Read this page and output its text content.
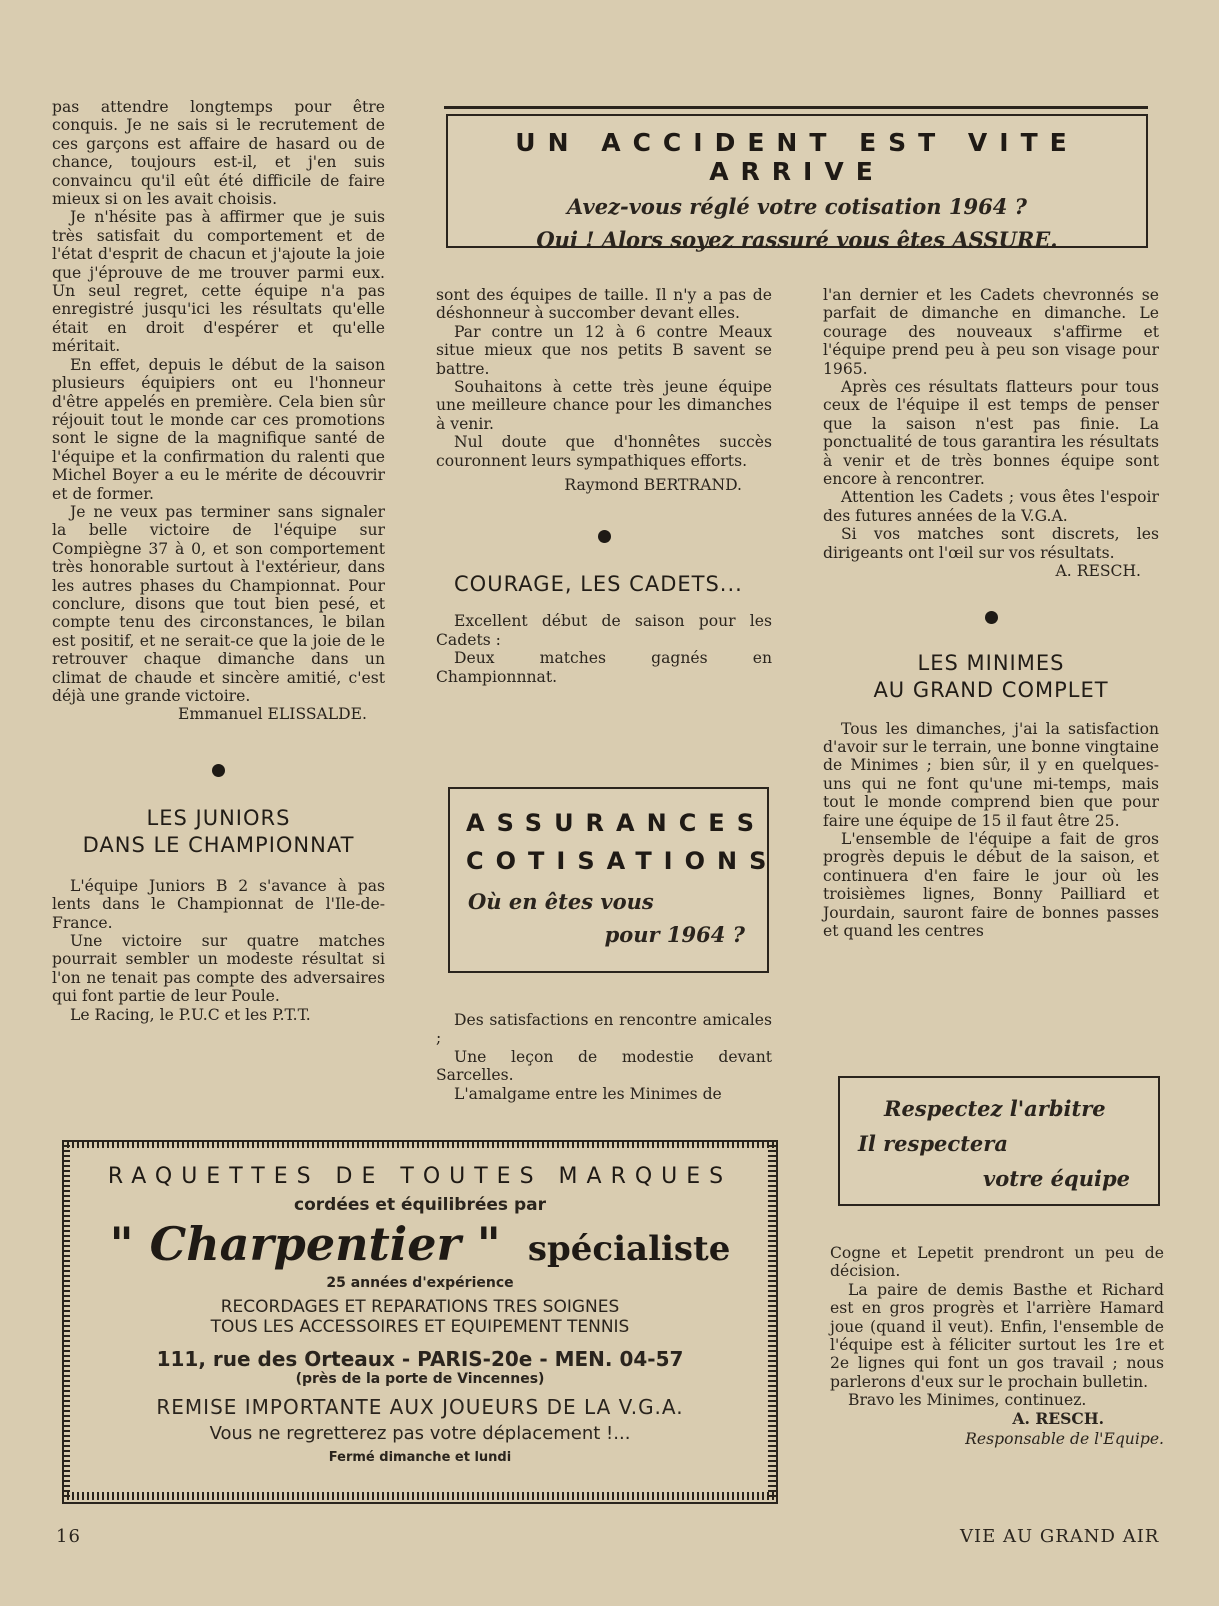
pas attendre longtemps pour être conquis. Je ne sais si le recrutement de ces garçons est affaire de hasard ou de chance, toujours est-il, et j'en suis convaincu qu'il eût été difficile de faire mieux si on les avait choisis.

Je n'hésite pas à affirmer que je suis très satisfait du comportement et de l'état d'esprit de chacun et j'ajoute la joie que j'éprouve de me trouver parmi eux. Un seul regret, cette équipe n'a pas enregistré jusqu'ici les résultats qu'elle était en droit d'espérer et qu'elle méritait.

En effet, depuis le début de la saison plusieurs équipiers ont eu l'honneur d'être appelés en première. Cela bien sûr réjouit tout le monde car ces promotions sont le signe de la magnifique santé de l'équipe et la confirmation du ralenti que Michel Boyer a eu le mérite de découvrir et de former.

Je ne veux pas terminer sans signaler la belle victoire de l'équipe sur Compiègne 37 à 0, et son comportement très honorable surtout à l'extérieur, dans les autres phases du Championnat. Pour conclure, disons que tout bien pesé, et compte tenu des circonstances, le bilan est positif, et ne serait-ce que la joie de le retrouver chaque dimanche dans un climat de chaude et sincère amitié, c'est déjà une grande victoire.

Emmanuel ELISSALDE.

LES JUNIORS
DANS LE CHAMPIONNAT

L'équipe Juniors B 2 s'avance à pas lents dans le Championnat de l'Ile-de-France.

Une victoire sur quatre matches pourrait sembler un modeste résultat si l'on ne tenait pas compte des adversaires qui font partie de leur Poule.

Le Racing, le P.U.C et les P.T.T.

UN ACCIDENT EST VITE ARRIVE
Avez-vous réglé votre cotisation 1964 ?
Oui ! Alors soyez rassuré vous êtes ASSURE.

sont des équipes de taille. Il n'y a pas de déshonneur à succomber devant elles.

Par contre un 12 à 6 contre Meaux situe mieux que nos petits B savent se battre.

Souhaitons à cette très jeune équipe une meilleure chance pour les dimanches à venir.

Nul doute que d'honnêtes succès couronnent leurs sympathiques efforts.

Raymond BERTRAND.

COURAGE, LES CADETS...

Excellent début de saison pour les Cadets :

Deux matches gagnés en Championnnat.

ASSURANCES
COTISATIONS
Où en êtes vous
pour 1964 ?

Des satisfactions en rencontre amicales ;

Une leçon de modestie devant Sarcelles.

L'amalgame entre les Minimes de

l'an dernier et les Cadets chevronnés se parfait de dimanche en dimanche. Le courage des nouveaux s'affirme et l'équipe prend peu à peu son visage pour 1965.

Après ces résultats flatteurs pour tous ceux de l'équipe il est temps de penser que la saison n'est pas finie. La ponctualité de tous garantira les résultats à venir et de très bonnes équipe sont encore à rencontrer.

Attention les Cadets ; vous êtes l'espoir des futures années de la V.G.A.

Si vos matches sont discrets, les dirigeants ont l'œil sur vos résultats.

A. RESCH.

LES MINIMES
AU GRAND COMPLET

Tous les dimanches, j'ai la satisfaction d'avoir sur le terrain, une bonne vingtaine de Minimes ; bien sûr, il y en quelques-uns qui ne font qu'une mi-temps, mais tout le monde comprend bien que pour faire une équipe de 15 il faut être 25.

L'ensemble de l'équipe a fait de gros progrès depuis le début de la saison, et continuera d'en faire le jour où les troisièmes lignes, Bonny Pailliard et Jourdain, sauront faire de bonnes passes et quand les centres

Respectez l'arbitre
Il respectera
votre équipe

Cogne et Lepetit prendront un peu de décision.

La paire de demis Basthe et Richard est en gros progrès et l'arrière Hamard joue (quand il veut). Enfin, l'ensemble de l'équipe est à féliciter surtout les 1re et 2e lignes qui font un gos travail ; nous parlerons d'eux sur le prochain bulletin.

Bravo les Minimes, continuez.

A. RESCH.

Responsable de l'Equipe.

RAQUETTES DE TOUTES MARQUES
cordées et équilibrées par
" Charpentier " spécialiste
25 années d'expérience
RECORDAGES ET REPARATIONS TRES SOIGNES
TOUS LES ACCESSOIRES ET EQUIPEMENT TENNIS
111, rue des Orteaux - PARIS-20e - MEN. 04-57
(près de la porte de Vincennes)
REMISE IMPORTANTE AUX JOUEURS DE LA V.G.A.
Vous ne regretterez pas votre déplacement !...
Fermé dimanche et lundi
16	VIE AU GRAND AIR
